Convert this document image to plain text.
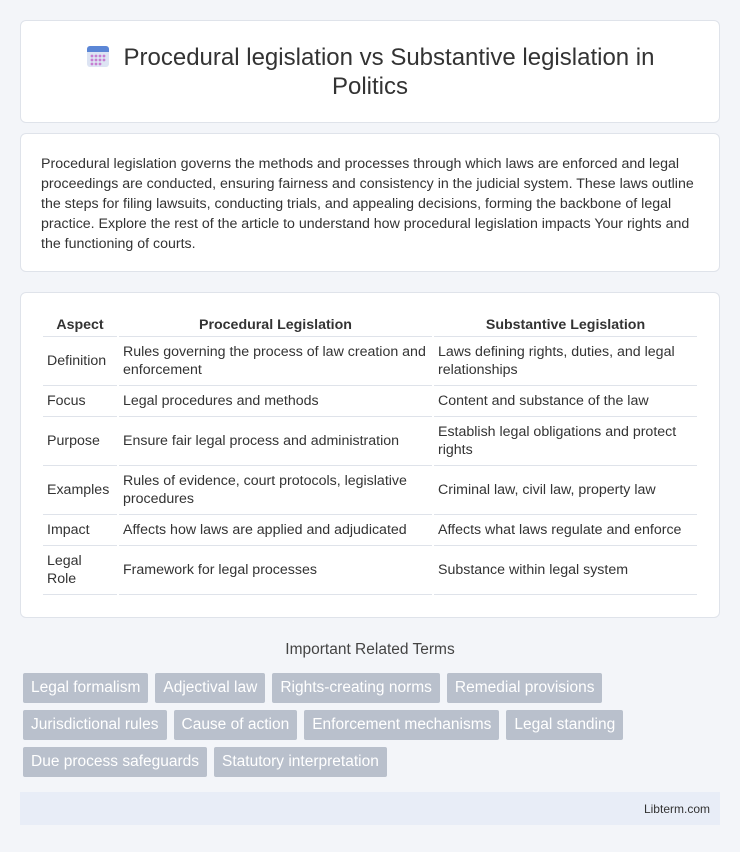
Procedural legislation vs Substantive legislation in Politics

Procedural legislation governs the methods and processes through which laws are enforced and legal proceedings are conducted, ensuring fairness and consistency in the judicial system. These laws outline the steps for filing lawsuits, conducting trials, and appealing decisions, forming the backbone of legal practice. Explore the rest of the article to understand how procedural legislation impacts Your rights and the functioning of courts.

Aspect	Procedural Legislation	Substantive Legislation
Definition	Rules governing the process of law creation and enforcement	Laws defining rights, duties, and legal relationships
Focus	Legal procedures and methods	Content and substance of the law
Purpose	Ensure fair legal process and administration	Establish legal obligations and protect rights
Examples	Rules of evidence, court protocols, legislative procedures	Criminal law, civil law, property law
Impact	Affects how laws are applied and adjudicated	Affects what laws regulate and enforce
Legal Role	Framework for legal processes	Substance within legal system
Important Related Terms
Legal formalism	Adjectival law	Rights-creating norms	Remedial provisions
Jurisdictional rules	Cause of action	Enforcement mechanisms	Legal standing
Due process safeguards	Statutory interpretation
Libterm.com
